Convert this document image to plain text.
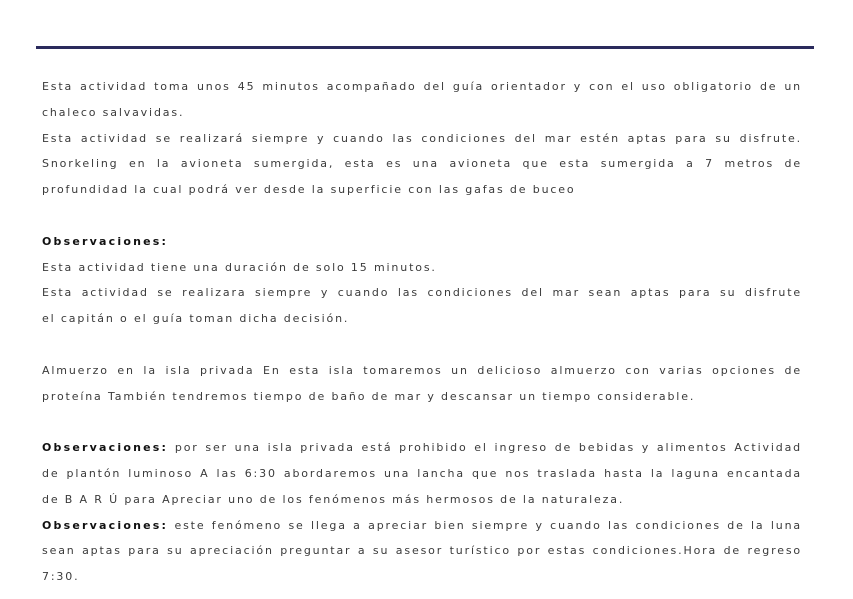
Esta actividad toma unos 45 minutos acompañado del guía orientador y con el uso obligatorio de un
chaleco salvavidas.
Esta actividad se realizará siempre y cuando las condiciones del mar estén aptas para su disfrute.
Snorkeling en la avioneta sumergida, esta es una avioneta que esta sumergida a 7 metros de
profundidad la cual podrá ver desde la superficie con las gafas de buceo
Observaciones:
Esta actividad tiene una duración de solo 15 minutos.
Esta actividad se realizara siempre y cuando las condiciones del mar sean aptas para su disfrute
el capitán o el guía toman dicha decisión.
Almuerzo en la isla privada En esta isla tomaremos un delicioso almuerzo con varias opciones de
proteína También tendremos tiempo de baño de mar y descansar un tiempo considerable.
Observaciones: por ser una isla privada está prohibido el ingreso de bebidas y alimentos Actividad
de plantón luminoso A las 6:30 abordaremos una lancha que nos traslada hasta la laguna encantada
de B A R Ú para Apreciar uno de los fenómenos más hermosos de la naturaleza.
Observaciones: este fenómeno se llega a apreciar bien siempre y cuando las condiciones de la luna
sean aptas para su apreciación preguntar a su asesor turístico por estas condiciones.Hora de regreso 7:30.
